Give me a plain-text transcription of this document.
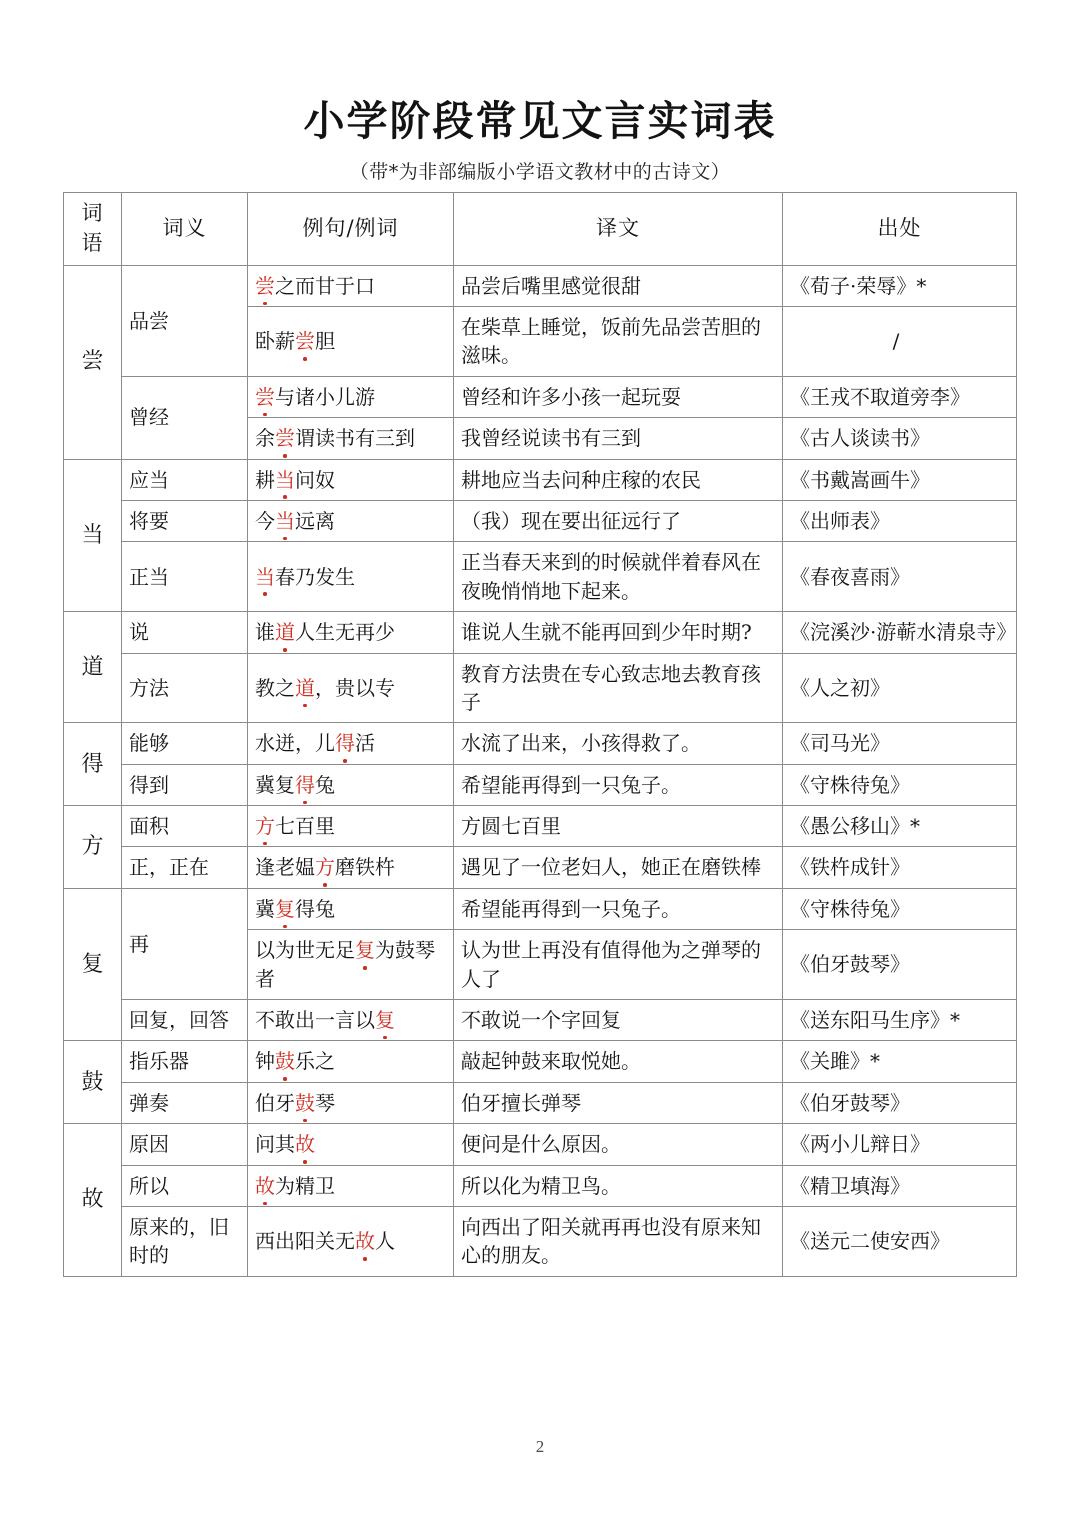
小学阶段常见文言实词表

（带*为非部编版小学语文教材中的古诗文）

词语	词义	例句/例词	译文	出处
尝	品尝	尝之而甘于口	品尝后嘴里感觉很甜	《荀子·荣辱》*
		卧薪尝胆	在柴草上睡觉，饭前先品尝苦胆的滋味。	/
	曾经	尝与诸小儿游	曾经和许多小孩一起玩耍	《王戎不取道旁李》
		余尝谓读书有三到	我曾经说读书有三到	《古人谈读书》
当	应当	耕当问奴	耕地应当去问种庄稼的农民	《书戴嵩画牛》
	将要	今当远离	（我）现在要出征远行了	《出师表》
	正当	当春乃发生	正当春天来到的时候就伴着春风在夜晚悄悄地下起来。	《春夜喜雨》
道	说	谁道人生无再少	谁说人生就不能再回到少年时期?	《浣溪沙·游蕲水清泉寺》
	方法	教之道，贵以专	教育方法贵在专心致志地去教育孩子	《人之初》
得	能够	水迸，儿得活	水流了出来，小孩得救了。	《司马光》
	得到	冀复得兔	希望能再得到一只兔子。	《守株待兔》
方	面积	方七百里	方圆七百里	《愚公移山》*
	正，正在	逢老媪方磨铁杵	遇见了一位老妇人，她正在磨铁棒	《铁杵成针》
复	再	冀复得兔	希望能再得到一只兔子。	《守株待兔》
		以为世无足复为鼓琴者	认为世上再没有值得他为之弹琴的人了	《伯牙鼓琴》
	回复，回答	不敢出一言以复	不敢说一个字回复	《送东阳马生序》*
鼓	指乐器	钟鼓乐之	敲起钟鼓来取悦她。	《关雎》*
	弹奏	伯牙鼓琴	伯牙擅长弹琴	《伯牙鼓琴》
故	原因	问其故	便问是什么原因。	《两小儿辩日》
	所以	故为精卫	所以化为精卫鸟。	《精卫填海》
	原来的，旧时的	西出阳关无故人	向西出了阳关就再再也没有原来知心的朋友。	《送元二使安西》
2
